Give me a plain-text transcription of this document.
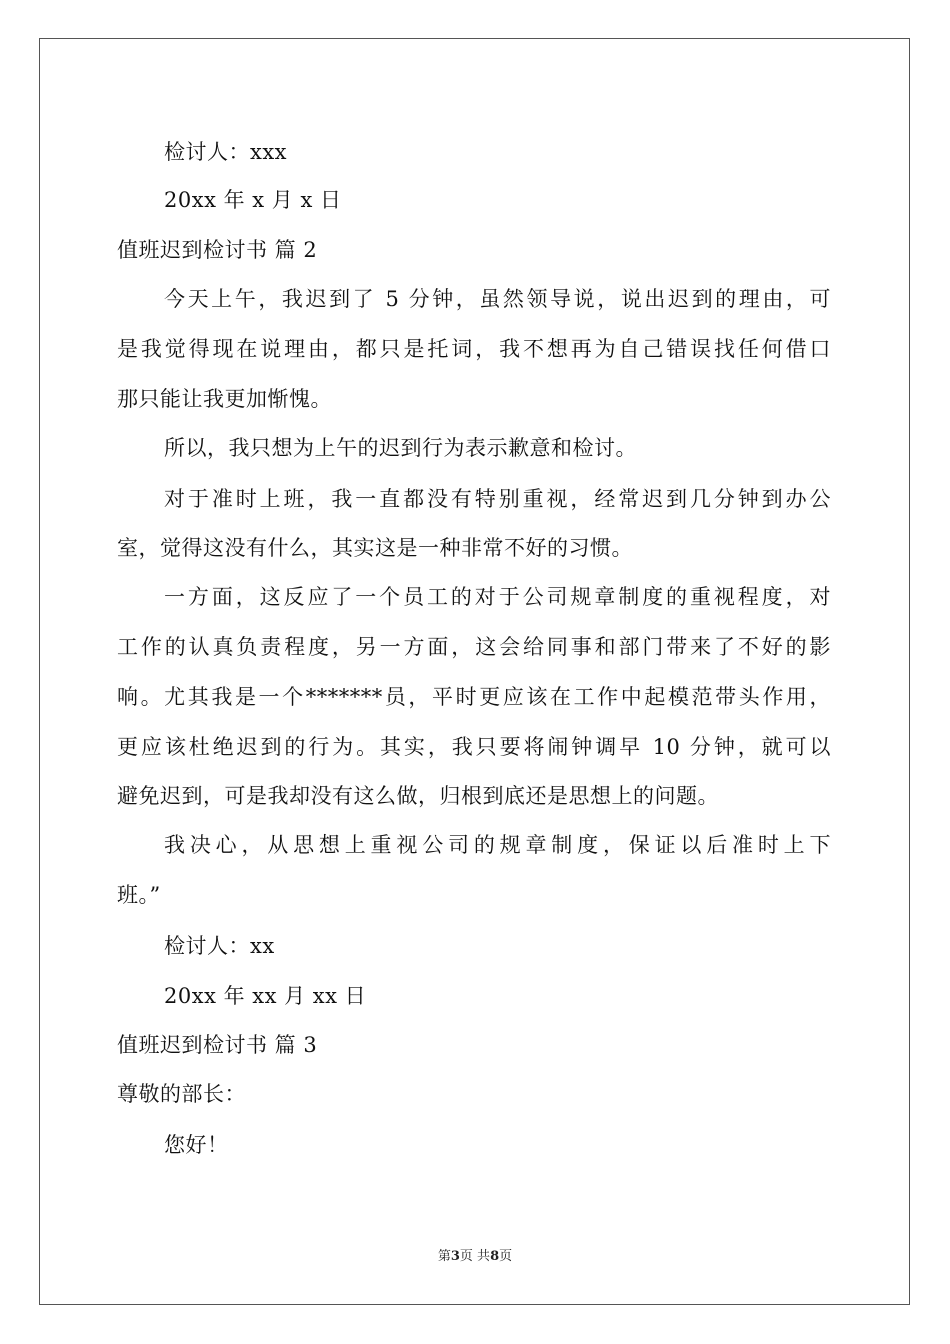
检讨人：xxx
20xx 年 x 月 x 日
值班迟到检讨书 篇 2
今天上午，我迟到了 5 分钟，虽然领导说，说出迟到的理由，可
是我觉得现在说理由，都只是托词，我不想再为自己错误找任何借口
那只能让我更加惭愧。
所以，我只想为上午的迟到行为表示歉意和检讨。
对于准时上班，我一直都没有特别重视，经常迟到几分钟到办公
室，觉得这没有什么，其实这是一种非常不好的习惯。
一方面，这反应了一个员工的对于公司规章制度的重视程度，对
工作的认真负责程度，另一方面，这会给同事和部门带来了不好的影
响。尤其我是一个*******员，平时更应该在工作中起模范带头作用，
更应该杜绝迟到的行为。其实，我只要将闹钟调早 10 分钟，就可以
避免迟到，可是我却没有这么做，归根到底还是思想上的问题。
我决心，从思想上重视公司的规章制度，保证以后准时上下
班。”
检讨人：xx
20xx 年 xx 月 xx 日
值班迟到检讨书 篇 3
尊敬的部长：
您好！
第3页 共8页
